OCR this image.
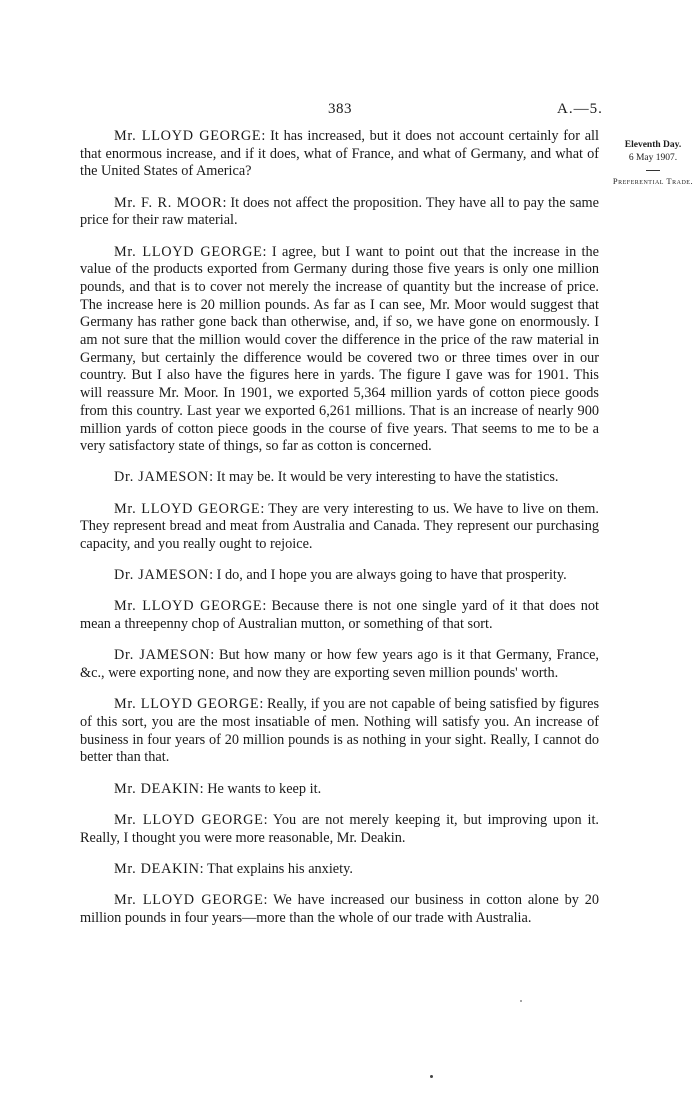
383	A.—5.
Eleventh Day.
6 May 1907.
Preferential Trade.

Mr. LLOYD GEORGE: It has increased, but it does not account certainly for all that enormous increase, and if it does, what of France, and what of Germany, and what of the United States of America?

Mr. F. R. MOOR: It does not affect the proposition. They have all to pay the same price for their raw material.

Mr. LLOYD GEORGE: I agree, but I want to point out that the increase in the value of the products exported from Germany during those five years is only one million pounds, and that is to cover not merely the increase of quantity but the increase of price. The increase here is 20 million pounds. As far as I can see, Mr. Moor would suggest that Germany has rather gone back than otherwise, and, if so, we have gone on enormously. I am not sure that the million would cover the difference in the price of the raw material in Germany, but certainly the difference would be covered two or three times over in our country. But I also have the figures here in yards. The figure I gave was for 1901. This will reassure Mr. Moor. In 1901, we exported 5,364 million yards of cotton piece goods from this country. Last year we exported 6,261 millions. That is an increase of nearly 900 million yards of cotton piece goods in the course of five years. That seems to me to be a very satisfactory state of things, so far as cotton is concerned.

Dr. JAMESON: It may be. It would be very interesting to have the statistics.

Mr. LLOYD GEORGE: They are very interesting to us. We have to live on them. They represent bread and meat from Australia and Canada. They represent our purchasing capacity, and you really ought to rejoice.

Dr. JAMESON: I do, and I hope you are always going to have that prosperity.

Mr. LLOYD GEORGE: Because there is not one single yard of it that does not mean a threepenny chop of Australian mutton, or something of that sort.

Dr. JAMESON: But how many or how few years ago is it that Germany, France, &c., were exporting none, and now they are exporting seven million pounds' worth.

Mr. LLOYD GEORGE: Really, if you are not capable of being satisfied by figures of this sort, you are the most insatiable of men. Nothing will satisfy you. An increase of business in four years of 20 million pounds is as nothing in your sight. Really, I cannot do better than that.

Mr. DEAKIN: He wants to keep it.

Mr. LLOYD GEORGE: You are not merely keeping it, but improving upon it. Really, I thought you were more reasonable, Mr. Deakin.

Mr. DEAKIN: That explains his anxiety.

Mr. LLOYD GEORGE: We have increased our business in cotton alone by 20 million pounds in four years—more than the whole of our trade with Australia.
